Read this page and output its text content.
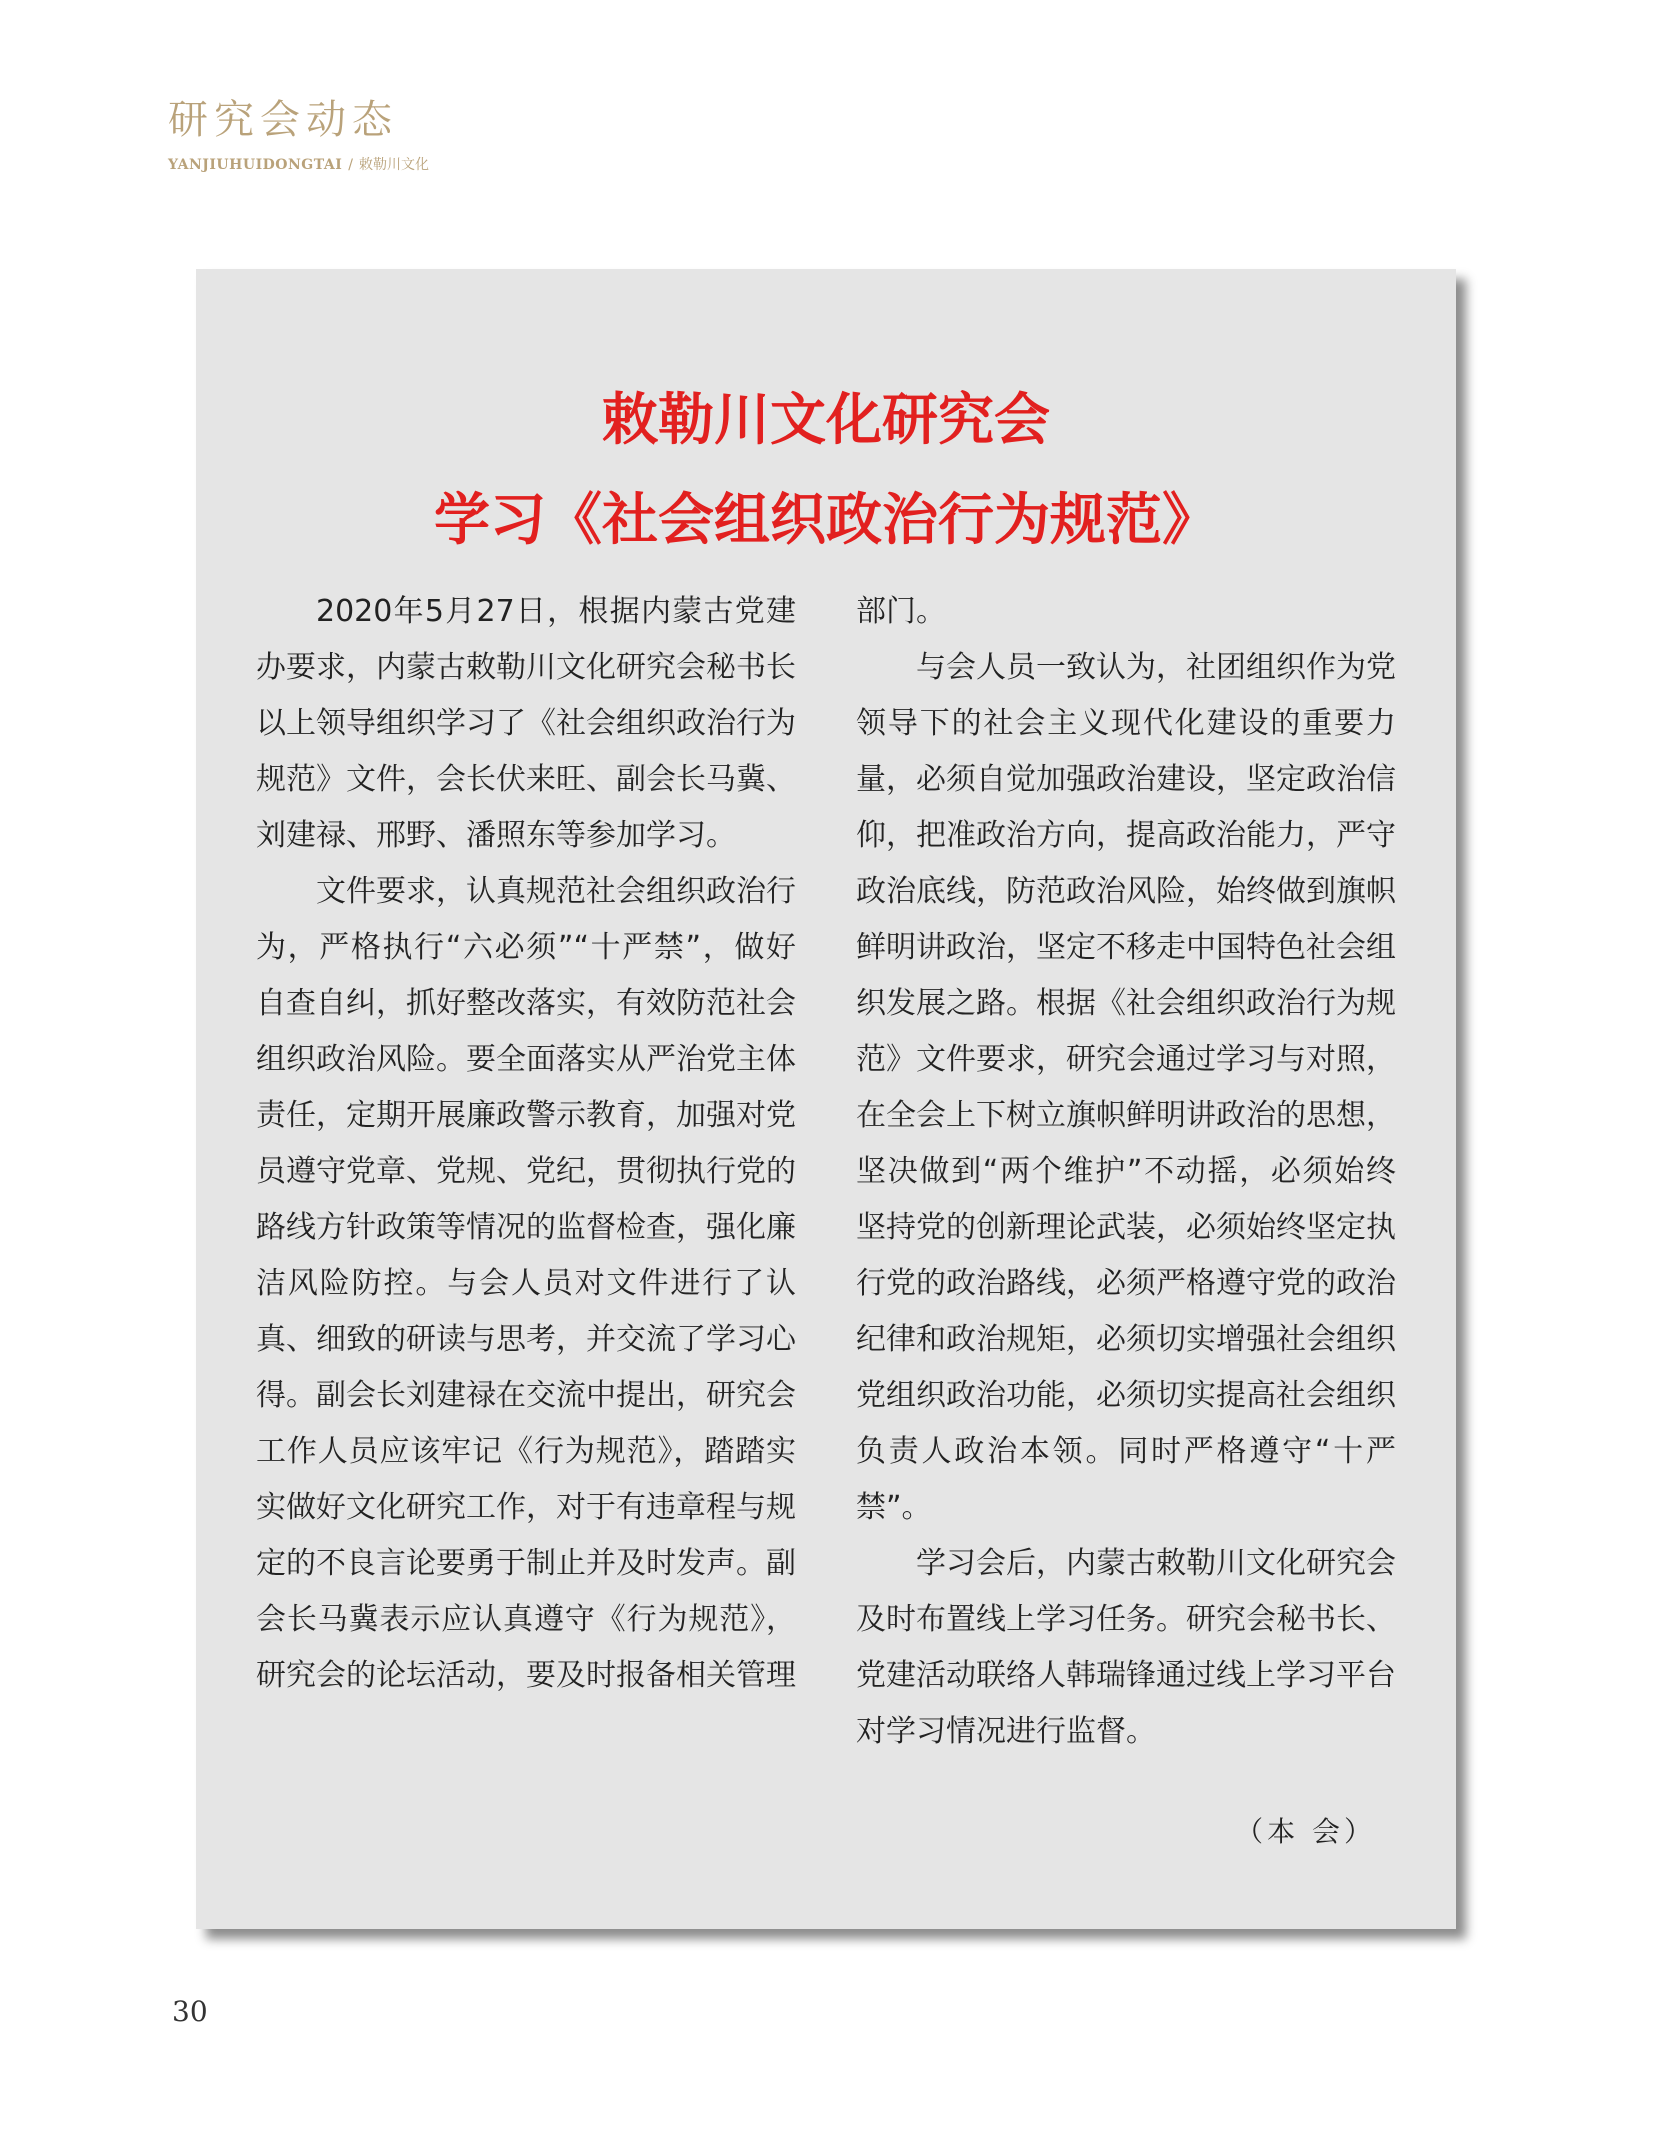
研究会动态
YANJIUHUIDONGTAI / 敕勒川文化
敕勒川文化研究会
学习《社会组织政治行为规范》

2020年5月27日，根据内蒙古党建办要求，内蒙古敕勒川文化研究会秘书长以上领导组织学习了《社会组织政治行为规范》文件，会长伏来旺、副会长马冀、刘建禄、邢野、潘照东等参加学习。

文件要求，认真规范社会组织政治行为，严格执行“六必须”“十严禁”，做好自查自纠，抓好整改落实，有效防范社会组织政治风险。要全面落实从严治党主体责任，定期开展廉政警示教育，加强对党员遵守党章、党规、党纪，贯彻执行党的路线方针政策等情况的监督检查，强化廉洁风险防控。与会人员对文件进行了认真、细致的研读与思考，并交流了学习心得。副会长刘建禄在交流中提出，研究会工作人员应该牢记《行为规范》，踏踏实实做好文化研究工作，对于有违章程与规定的不良言论要勇于制止并及时发声。副会长马冀表示应认真遵守《行为规范》，研究会的论坛活动，要及时报备相关管理

部门。

与会人员一致认为，社团组织作为党领导下的社会主义现代化建设的重要力量，必须自觉加强政治建设，坚定政治信仰，把准政治方向，提高政治能力，严守政治底线，防范政治风险，始终做到旗帜鲜明讲政治，坚定不移走中国特色社会组织发展之路。根据《社会组织政治行为规范》文件要求，研究会通过学习与对照，在全会上下树立旗帜鲜明讲政治的思想，坚决做到“两个维护”不动摇，必须始终坚持党的创新理论武装，必须始终坚定执行党的政治路线，必须严格遵守党的政治纪律和政治规矩，必须切实增强社会组织党组织政治功能，必须切实提高社会组织负责人政治本领。同时严格遵守“十严禁”。

学习会后，内蒙古敕勒川文化研究会及时布置线上学习任务。研究会秘书长、党建活动联络人韩瑞锋通过线上学习平台对学习情况进行监督。

（本 会）
30
